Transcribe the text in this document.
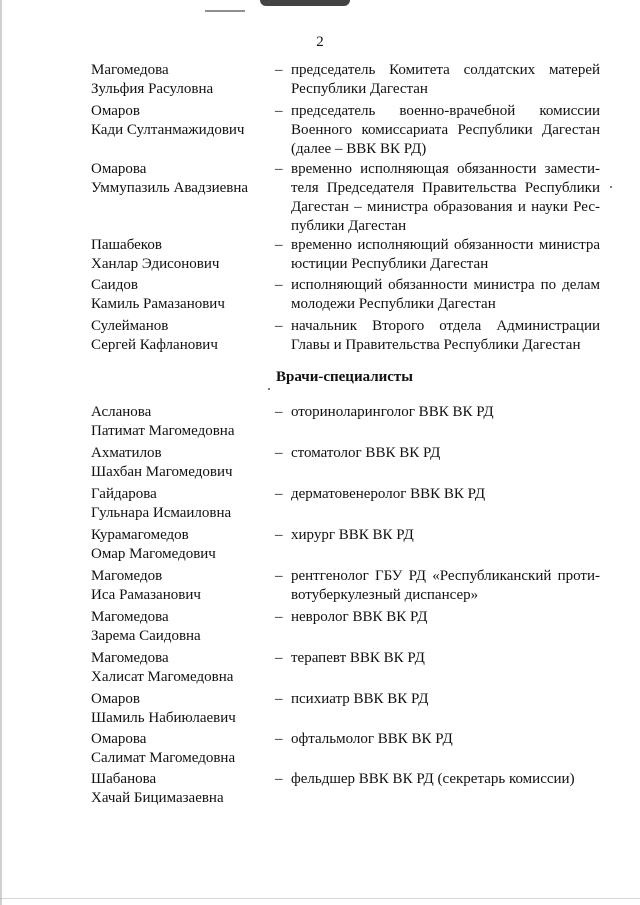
2
Магомедова
Зульфия Расуловна
– председатель Комитета солдатских матерей
Республики Дагестан
Омаров
Кади Султанмажидович
– председатель военно-врачебной комиссии
Военного комиссариата Республики Дагестан
(далее – ВВК ВК РД)
Омарова
Уммупазиль Авадзиевна
– временно исполняющая обязанности замести-
теля Председателя Правительства Республики
Дагестан – министра образования и науки Рес-
публики Дагестан
Пашабеков
Ханлар Эдисонович
– временно исполняющий обязанности министра
юстиции Республики Дагестан
Саидов
Камиль Рамазанович
– исполняющий обязанности министра по делам
молодежи Республики Дагестан
Сулейманов
Сергей Кафланович
– начальник Второго отдела Администрации
Главы и Правительства Республики Дагестан
Врачи-специалисты
Асланова
Патимат Магомедовна
– оториноларинголог ВВК ВК РД
Ахматилов
Шахбан Магомедович
– стоматолог ВВК ВК РД
Гайдарова
Гульнара Исмаиловна
– дерматовенеролог ВВК ВК РД
Курамагомедов
Омар Магомедович
– хирург ВВК ВК РД
Магомедов
Иса Рамазанович
– рентгенолог ГБУ РД «Республиканский проти-
вотуберкулезный диспансер»
Магомедова
Зарема Саидовна
– невролог ВВК ВК РД
Магомедова
Халисат Магомедовна
– терапевт ВВК ВК РД
Омаров
Шамиль Набиюлаевич
– психиатр ВВК ВК РД
Омарова
Салимат Магомедовна
– офтальмолог ВВК ВК РД
Шабанова
Хачай Бицимазаевна
– фельдшер ВВК ВК РД (секретарь комиссии)
